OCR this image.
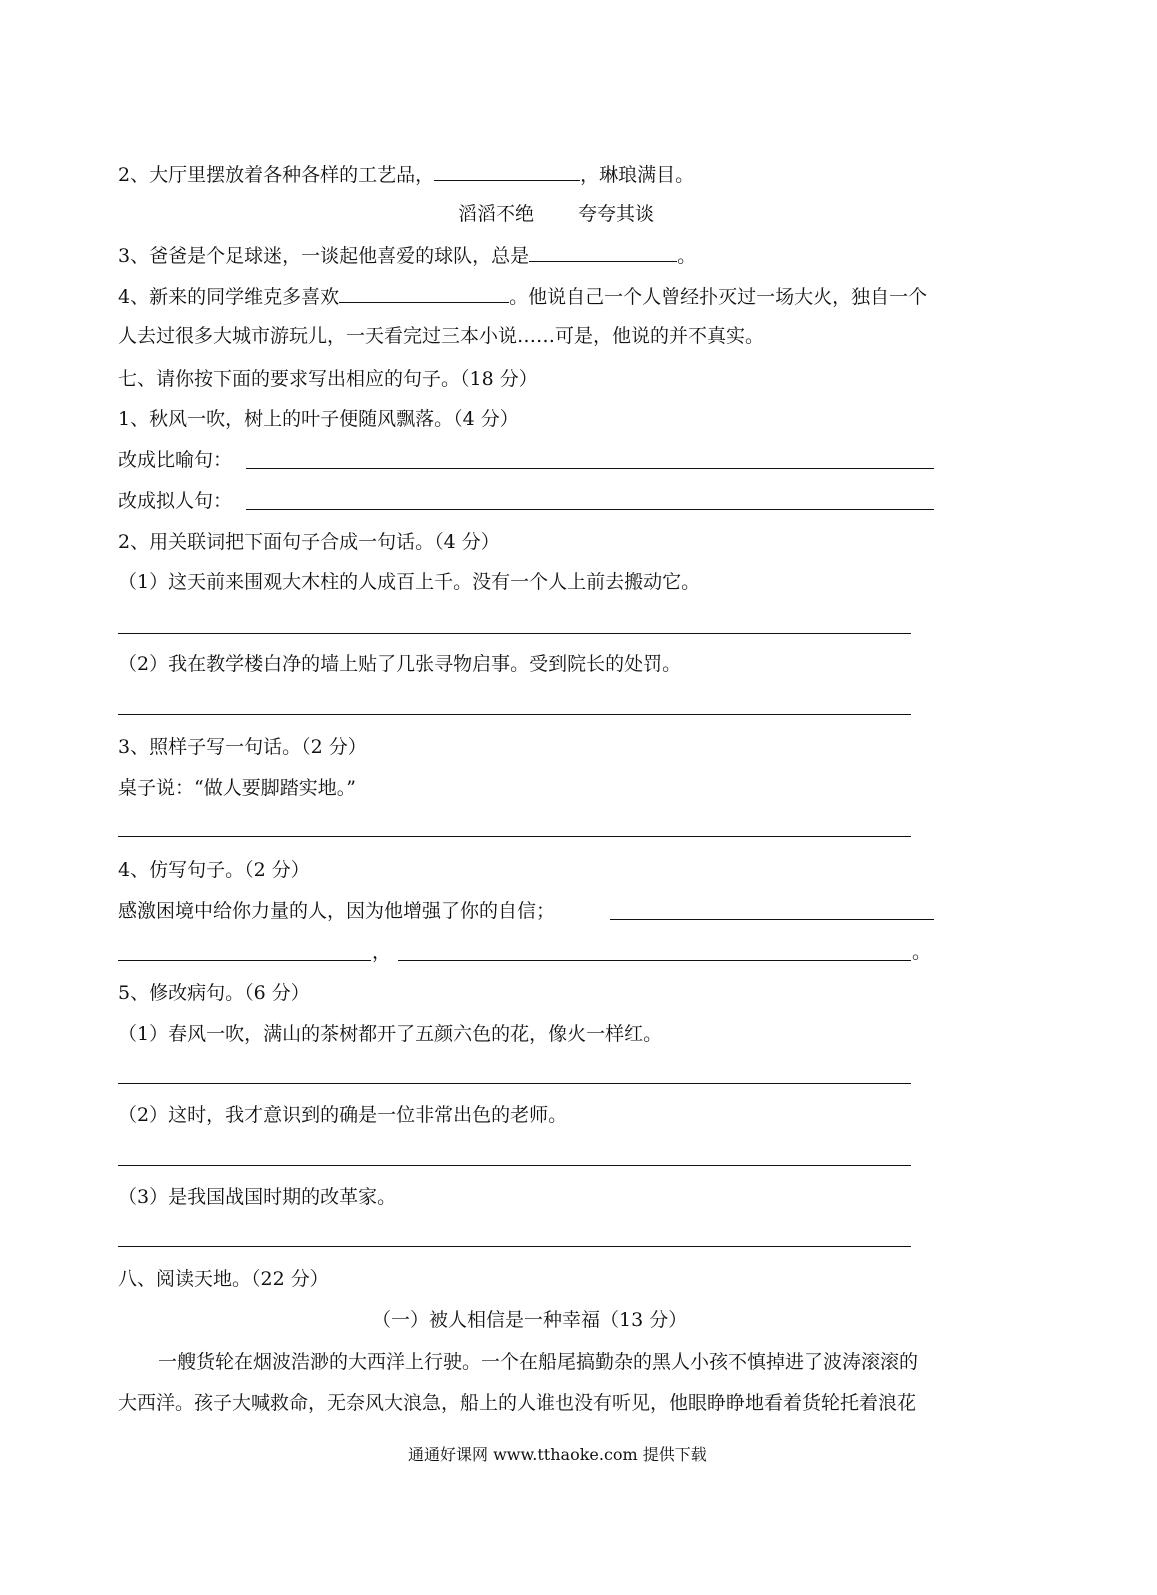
2、大厅里摆放着各种各样的工艺品，	，琳琅满目。
滔滔不绝 夸夸其谈
3、爸爸是个足球迷，一谈起他喜爱的球队，总是	。
4、新来的同学维克多喜欢	。他说自己一个人曾经扑灭过一场大火，独自一个
人去过很多大城市游玩儿，一天看完过三本小说……可是，他说的并不真实。
七、请你按下面的要求写出相应的句子。（18 分）
1、秋风一吹，树上的叶子便随风飘落。（4 分）
改成比喻句：
改成拟人句：
2、用关联词把下面句子合成一句话。（4 分）
（1）这天前来围观大木柱的人成百上千。没有一个人上前去搬动它。
（2）我在教学楼白净的墙上贴了几张寻物启事。受到院长的处罚。
3、照样子写一句话。（2 分）
桌子说：“做人要脚踏实地。”
4、仿写句子。（2 分）
感激困境中给你力量的人，因为他增强了你的自信；
，	。
5、修改病句。（6 分）
（1）春风一吹，满山的茶树都开了五颜六色的花，像火一样红。
（2）这时，我才意识到的确是一位非常出色的老师。
（3）是我国战国时期的改革家。
八、阅读天地。（22 分）
（一）被人相信是一种幸福（13 分）
一艘货轮在烟波浩渺的大西洋上行驶。一个在船尾搞勤杂的黑人小孩不慎掉进了波涛滚滚的
大西洋。孩子大喊救命，无奈风大浪急，船上的人谁也没有听见，他眼睁睁地看着货轮托着浪花
通通好课网 www.tthaoke.com 提供下载
